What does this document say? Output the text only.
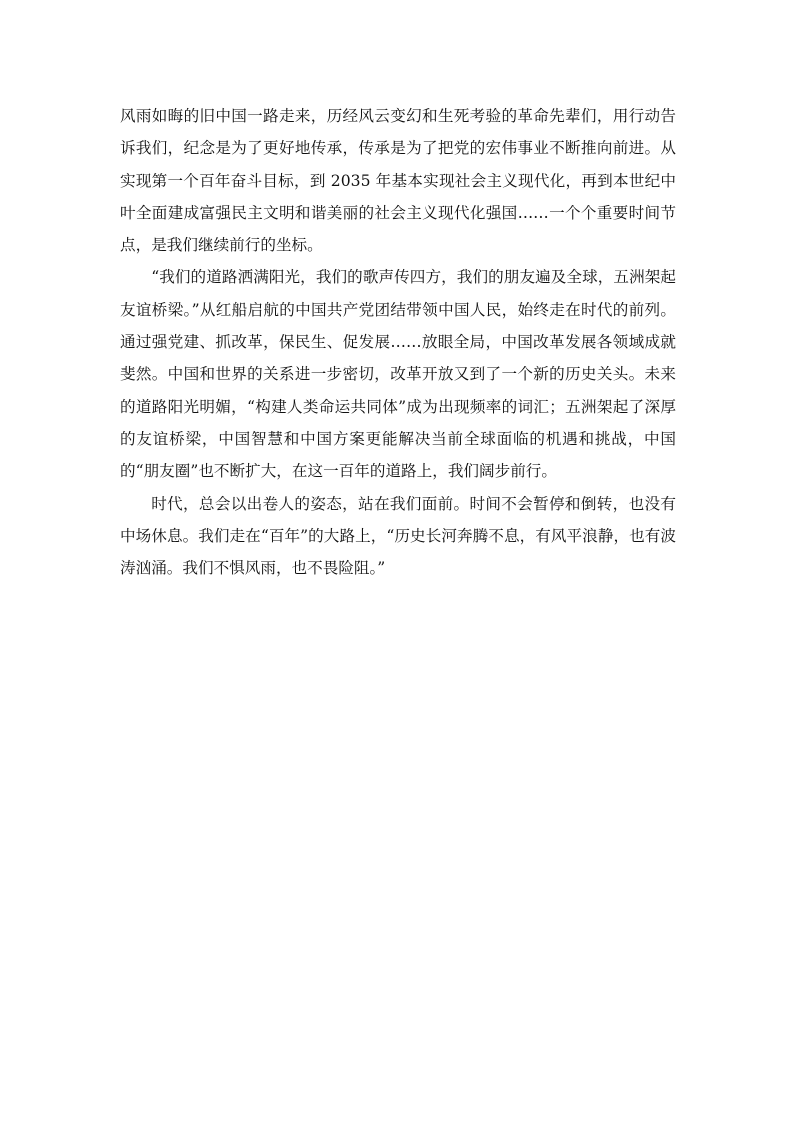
风雨如晦的旧中国一路走来，历经风云变幻和生死考验的革命先辈们，用行动告诉我们，纪念是为了更好地传承，传承是为了把党的宏伟事业不断推向前进。从实现第一个百年奋斗目标，到 2035 年基本实现社会主义现代化，再到本世纪中叶全面建成富强民主文明和谐美丽的社会主义现代化强国……一个个重要时间节点，是我们继续前行的坐标。

“我们的道路洒满阳光，我们的歌声传四方，我们的朋友遍及全球，五洲架起友谊桥梁。”从红船启航的中国共产党团结带领中国人民，始终走在时代的前列。通过强党建、抓改革，保民生、促发展……放眼全局，中国改革发展各领域成就斐然。中国和世界的关系进一步密切，改革开放又到了一个新的历史关头。未来的道路阳光明媚，“构建人类命运共同体”成为出现频率的词汇；五洲架起了深厚的友谊桥梁，中国智慧和中国方案更能解决当前全球面临的机遇和挑战，中国的“朋友圈”也不断扩大，在这一百年的道路上，我们阔步前行。

时代，总会以出卷人的姿态，站在我们面前。时间不会暂停和倒转，也没有中场休息。我们走在“百年”的大路上，“历史长河奔腾不息，有风平浪静，也有波涛汹涌。我们不惧风雨，也不畏险阻。”
